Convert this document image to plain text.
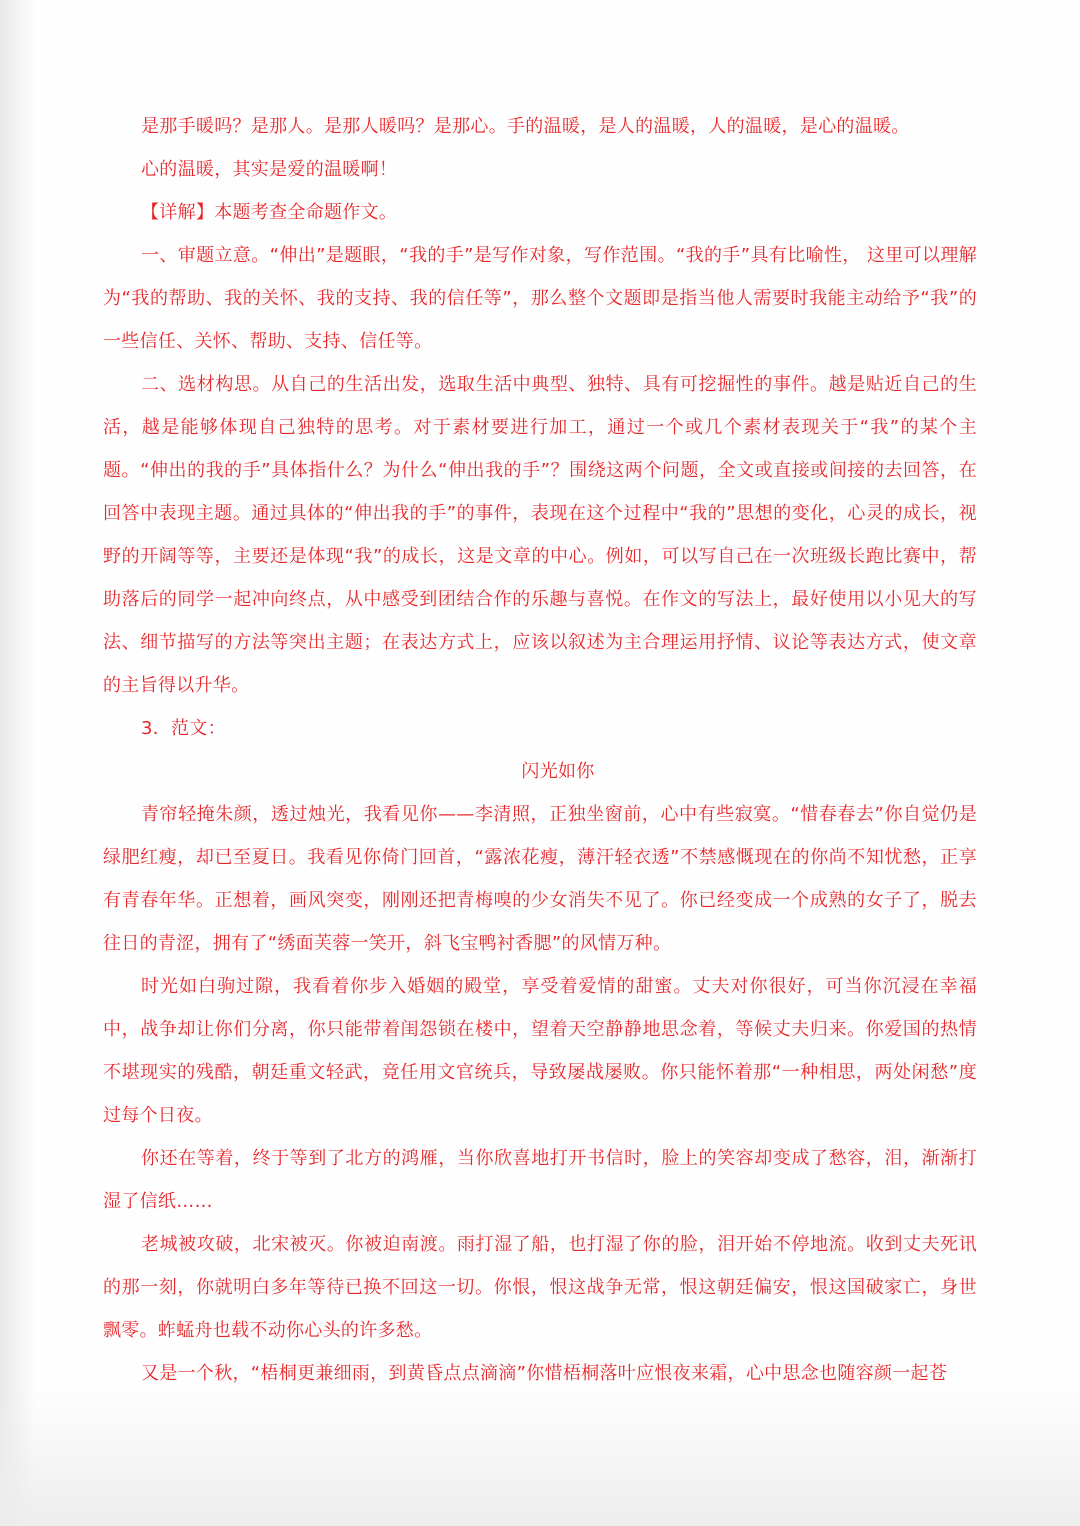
是那手暖吗？是那人。是那人暖吗？是那心。手的温暖，是人的温暖，人的温暖，是心的温暖。

心的温暖，其实是爱的温暖啊！

【详解】本题考查全命题作文。

一、审题立意。“伸出”是题眼，“我的手”是写作对象，写作范围。“我的手”具有比喻性， 这里可以理解为“我的帮助、我的关怀、我的支持、我的信任等”，那么整个文题即是指当他人需要时我能主动给予“我”的一些信任、关怀、帮助、支持、信任等。

二、选材构思。从自己的生活出发，选取生活中典型、独特、具有可挖掘性的事件。越是贴近自己的生活，越是能够体现自己独特的思考。对于素材要进行加工，通过一个或几个素材表现关于“我”的某个主题。“伸出的我的手”具体指什么？为什么“伸出我的手”？围绕这两个问题，全文或直接或间接的去回答，在回答中表现主题。通过具体的“伸出我的手”的事件，表现在这个过程中“我的”思想的变化，心灵的成长，视野的开阔等等，主要还是体现“我”的成长，这是文章的中心。例如，可以写自己在一次班级长跑比赛中，帮助落后的同学一起冲向终点，从中感受到团结合作的乐趣与喜悦。在作文的写法上，最好使用以小见大的写法、细节描写的方法等突出主题；在表达方式上，应该以叙述为主合理运用抒情、议论等表达方式，使文章的主旨得以升华。

3．范文：

闪光如你

青帘轻掩朱颜，透过烛光，我看见你——李清照，正独坐窗前，心中有些寂寞。“惜春春去”你自觉仍是绿肥红瘦，却已至夏日。我看见你倚门回首，“露浓花瘦，薄汗轻衣透”不禁感慨现在的你尚不知忧愁，正享有青春年华。正想着，画风突变，刚刚还把青梅嗅的少女消失不见了。你已经变成一个成熟的女子了，脱去往日的青涩，拥有了“绣面芙蓉一笑开，斜飞宝鸭衬香腮”的风情万种。

时光如白驹过隙，我看着你步入婚姻的殿堂，享受着爱情的甜蜜。丈夫对你很好，可当你沉浸在幸福中，战争却让你们分离，你只能带着闺怨锁在楼中，望着天空静静地思念着，等候丈夫归来。你爱国的热情不堪现实的残酷，朝廷重文轻武，竟任用文官统兵，导致屡战屡败。你只能怀着那“一种相思，两处闲愁”度过每个日夜。

你还在等着，终于等到了北方的鸿雁，当你欣喜地打开书信时，脸上的笑容却变成了愁容，泪，渐渐打湿了信纸……

老城被攻破，北宋被灭。你被迫南渡。雨打湿了船，也打湿了你的脸，泪开始不停地流。收到丈夫死讯的那一刻，你就明白多年等待已换不回这一切。你恨，恨这战争无常，恨这朝廷偏安，恨这国破家亡，身世飘零。蚱蜢舟也载不动你心头的许多愁。

又是一个秋，“梧桐更兼细雨，到黄昏点点滴滴”你惜梧桐落叶应恨夜来霜，心中思念也随容颜一起苍
